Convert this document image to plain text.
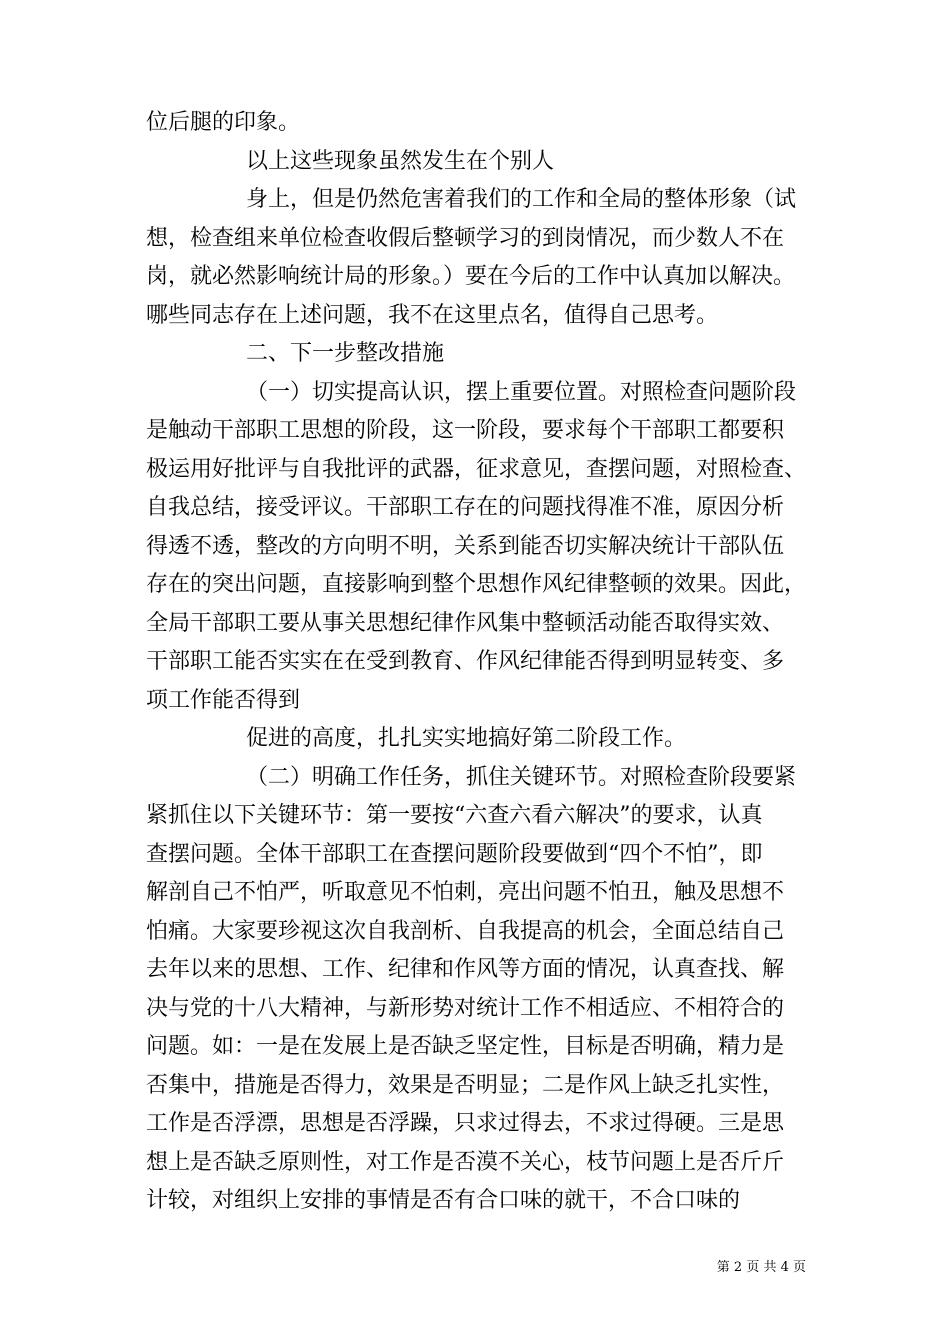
位后腿的印象。

以上这些现象虽然发生在个别人

身上，但是仍然危害着我们的工作和全局的整体形象（试

想，检查组来单位检查收假后整顿学习的到岗情况，而少数人不在

岗，就必然影响统计局的形象。）要在今后的工作中认真加以解决。

哪些同志存在上述问题，我不在这里点名，值得自己思考。

二、下一步整改措施

（一）切实提高认识，摆上重要位置。对照检查问题阶段

是触动干部职工思想的阶段，这一阶段，要求每个干部职工都要积

极运用好批评与自我批评的武器，征求意见，查摆问题，对照检查、

自我总结，接受评议。干部职工存在的问题找得准不准，原因分析

得透不透，整改的方向明不明，关系到能否切实解决统计干部队伍

存在的突出问题，直接影响到整个思想作风纪律整顿的效果。因此，

全局干部职工要从事关思想纪律作风集中整顿活动能否取得实效、

干部职工能否实实在在受到教育、作风纪律能否得到明显转变、多

项工作能否得到

促进的高度，扎扎实实地搞好第二阶段工作。

（二）明确工作任务，抓住关键环节。对照检查阶段要紧

紧抓住以下关键环节：第一要按“六查六看六解决”的要求，认真

查摆问题。全体干部职工在查摆问题阶段要做到“四个不怕”，即

解剖自己不怕严，听取意见不怕刺，亮出问题不怕丑，触及思想不

怕痛。大家要珍视这次自我剖析、自我提高的机会，全面总结自己

去年以来的思想、工作、纪律和作风等方面的情况，认真查找、解

决与党的十八大精神，与新形势对统计工作不相适应、不相符合的

问题。如：一是在发展上是否缺乏坚定性，目标是否明确，精力是

否集中，措施是否得力，效果是否明显；二是作风上缺乏扎实性，

工作是否浮漂，思想是否浮躁，只求过得去，不求过得硬。三是思

想上是否缺乏原则性，对工作是否漠不关心，枝节问题上是否斤斤

计较，对组织上安排的事情是否有合口味的就干，不合口味的

第 2 页 共 4 页
